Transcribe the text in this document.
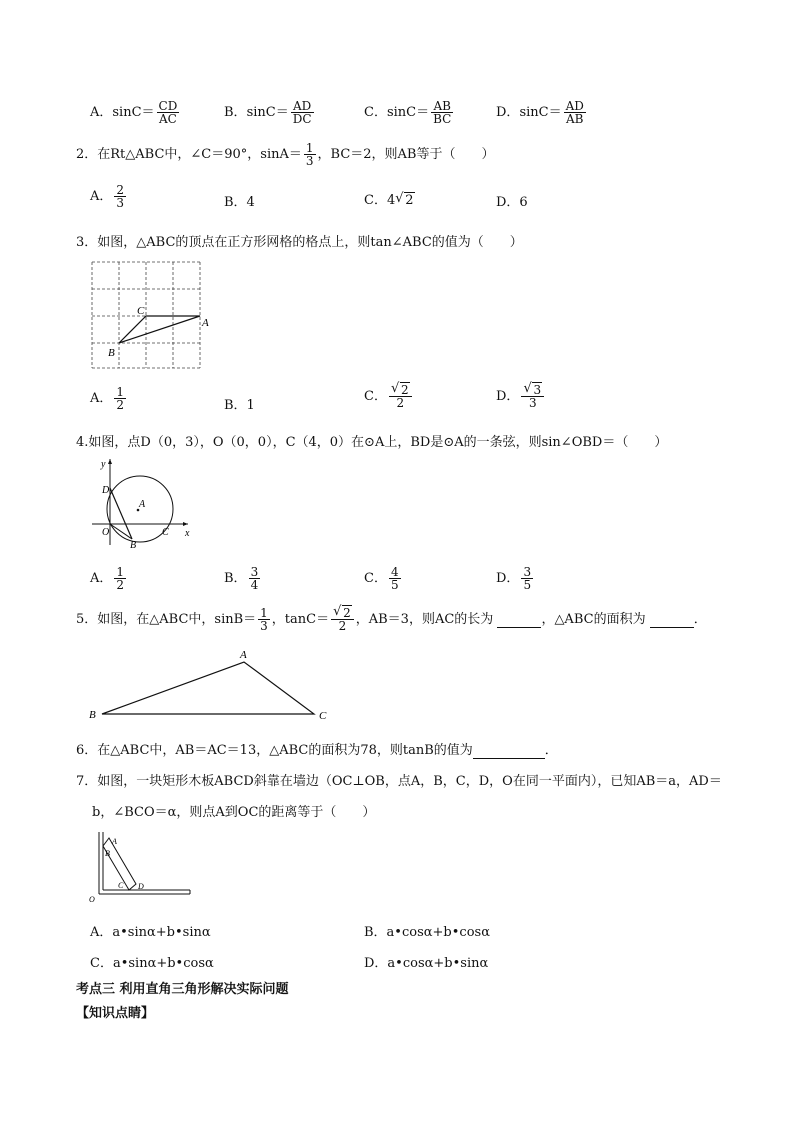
A．$\sin C= \frac{CD}{AC}$	B．$\sin C= \frac{AD}{DC}$	C．$\sin C= \frac{AB}{BC}$	D．$\sin C= \frac{AD}{AB}$
2．在Rt△ABC中，∠C＝90°，$\sin A= \frac{1}{3}$ ，BC＝2，则AB等于（　　）
A． $\frac{2}{3}$	B．4	C．4 √ 2	D．6
3．如图，△ABC的顶点在正方形网格的格点上，则tan∠ABC的值为（　　）
A
B
C
A． $\frac{1}{2}$	B．1
C． √ $\frac{2}{2}$	D． √ $\frac{3}{3}$
4.如图，点D（0，3），O（0，0），C（4，0）在⊙A上，BD是⊙A的一条弦，则sin∠OBD＝（　　）
y
x
D
A
O
B
C
A． $\frac{1}{2}$	B． $\frac{3}{4}$	C． $\frac{4}{5}$	D． $\frac{3}{5}$
5．如图，在△ABC中，$\sin B= \frac{1}{3}$ ，tanC＝ √ $\frac{2}{2}$ ，AB＝3，则AC的长为	，△ABC的面积为	．
A
B	C
6．在△ABC中，AB＝AC＝13，△ABC的面积为78，则tanB的值为	．
7．如图，一块矩形木板ABCD斜靠在墙边（OC⊥OB，点A，B，C，D，O在同一平面内），已知AB＝a，AD＝
b，∠BCO＝α，则点A到OC的距离等于（　　）
A
B
C D
O
A．a•sinα+b•sinα	B．a•cosα+b•cosα
C．a•sinα+b•cosα	D．a•cosα+b•sinα
考点三 利用直角三角形解决实际问题
【知识点睛】
